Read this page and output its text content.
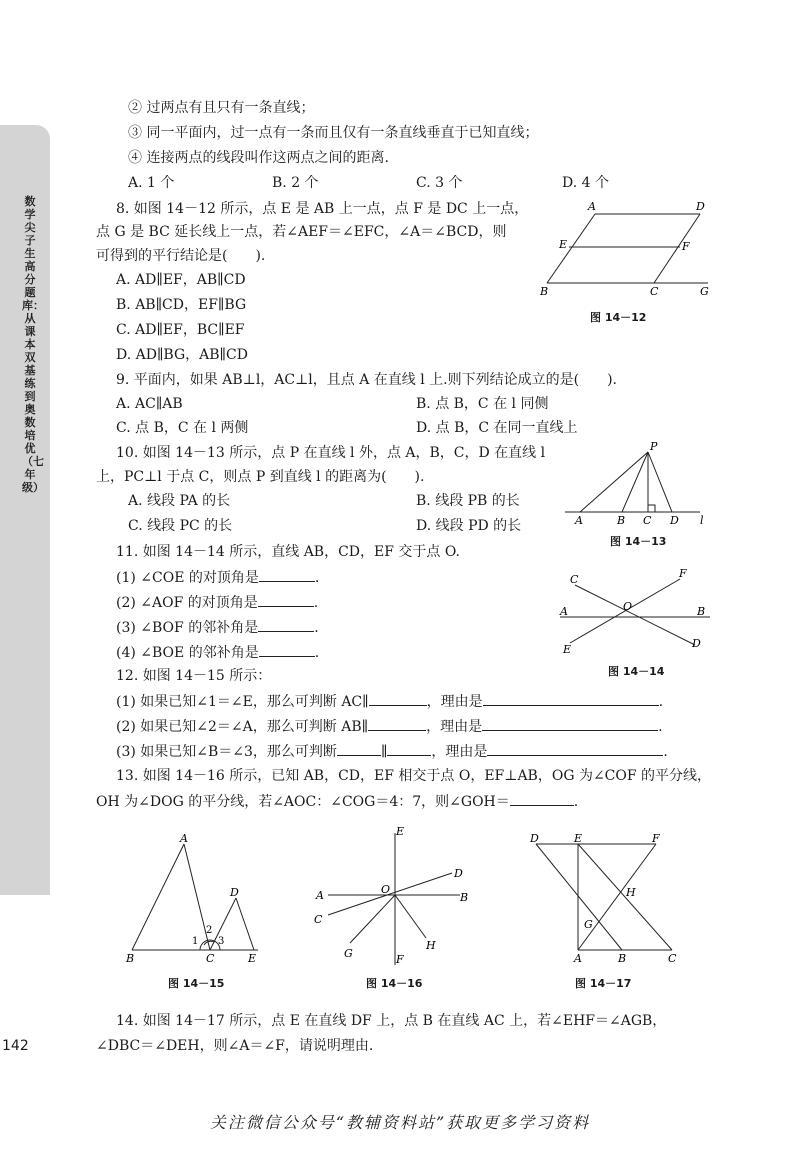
数学尖子生高分题库：从课本双基练到奥数培优（七年级）
142
② 过两点有且只有一条直线；
③ 同一平面内，过一点有一条而且仅有一条直线垂直于已知直线；
④ 连接两点的线段叫作这两点之间的距离.
A. 1 个	B. 2 个	C. 3 个	D. 4 个
8. 如图 14－12 所示，点 E 是 AB 上一点，点 F 是 DC 上一点，
点 G 是 BC 延长线上一点，若∠AEF＝∠EFC，∠A＝∠BCD，则
可得到的平行结论是(　　).
A. AD∥EF，AB∥CD
B. AB∥CD，EF∥BG
C. AD∥EF，BC∥EF
D. AD∥BG，AB∥CD
A	D
E	F
B	C	G
图 14－12
9. 平面内，如果 AB⊥l，AC⊥l，且点 A 在直线 l 上.则下列结论成立的是(　　).
A. AC∥AB	B. 点 B，C 在 l 同侧
C. 点 B，C 在 l 两侧	D. 点 B，C 在同一直线上
10. 如图 14－13 所示，点 P 在直线 l 外，点 A，B，C，D 在直线 l
上，PC⊥l 于点 C，则点 P 到直线 l 的距离为(　　).
A. 线段 PA 的长	B. 线段 PB 的长
C. 线段 PC 的长	D. 线段 PD 的长
P
A	B C D l
图 14－13
11. 如图 14－14 所示，直线 AB，CD，EF 交于点 O.
(1) ∠COE 的对顶角是	.
(2) ∠AOF 的对顶角是	.
(3) ∠BOF 的邻补角是	.
(4) ∠BOE 的邻补角是	.
C	F
A	O	B
E	D
图 14－14
12. 如图 14－15 所示：
(1) 如果已知∠1＝∠E，那么可判断 AC∥	，理由是	.
(2) 如果已知∠2＝∠A，那么可判断 AB∥	，理由是	.
(3) 如果已知∠B＝∠3，那么可判断	∥	，理由是	.
13. 如图 14－16 所示，已知 AB，CD，EF 相交于点 O，EF⊥AB，OG 为∠COF 的平分线，
OH 为∠DOG 的平分线，若∠AOC：∠COG＝4：7，则∠GOH＝	.
A
D
1
2
3
B	C	E
图 14－15
E
D
A	O
B
C
G
H
F
图 14－16
D	E	F
H
G
A	B	C
图 14－17
14. 如图 14－17 所示，点 E 在直线 DF 上，点 B 在直线 AC 上，若∠EHF＝∠AGB，
∠DBC＝∠DEH，则∠A＝∠F，请说明理由.
关注微信公众号“教辅资料站”获取更多学习资料
